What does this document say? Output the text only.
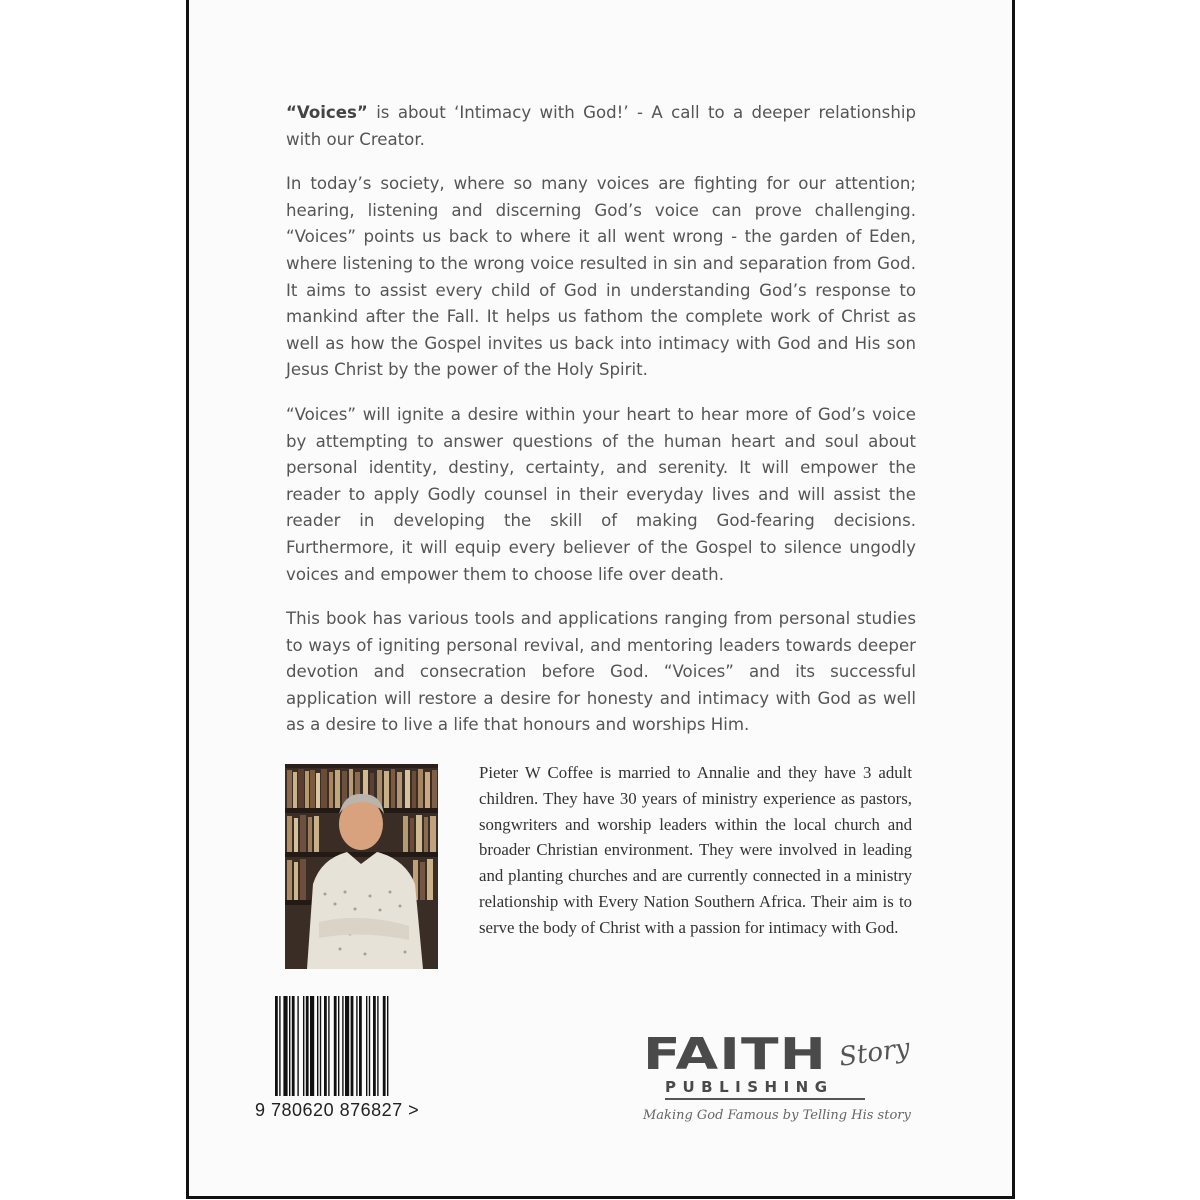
“Voices” is about ‘Intimacy with God!’ - A call to a deeper relationship with our Creator.

In today’s society, where so many voices are fighting for our attention; hearing, listening and discerning God’s voice can prove challenging. “Voices” points us back to where it all went wrong - the garden of Eden, where listening to the wrong voice resulted in sin and separation from God. It aims to assist every child of God in understanding God’s response to mankind after the Fall. It helps us fathom the complete work of Christ as well as how the Gospel invites us back into intimacy with God and His son Jesus Christ by the power of the Holy Spirit.

“Voices” will ignite a desire within your heart to hear more of God’s voice by attempting to answer questions of the human heart and soul about personal identity, destiny, certainty, and serenity. It will empower the reader to apply Godly counsel in their everyday lives and will assist the reader in developing the skill of making God-fearing decisions. Furthermore, it will equip every believer of the Gospel to silence ungodly voices and empower them to choose life over death.

This book has various tools and applications ranging from personal studies to ways of igniting personal revival, and mentoring leaders towards deeper devotion and consecration before God. “Voices” and its successful application will restore a desire for honesty and intimacy with God as well as a desire to live a life that honours and worships Him.

Pieter W Coffee is married to Annalie and they have 3 adult children. They have 30 years of ministry experience as pastors, songwriters and worship leaders within the local church and broader Christian environment. They were involved in leading and planting churches and are currently connected in a ministry relationship with Every Nation Southern Africa. Their aim is to serve the body of Christ with a passion for intimacy with God.

9 780620 876827 >
FAITH Story
PUBLISHING
Making God Famous by Telling His story
